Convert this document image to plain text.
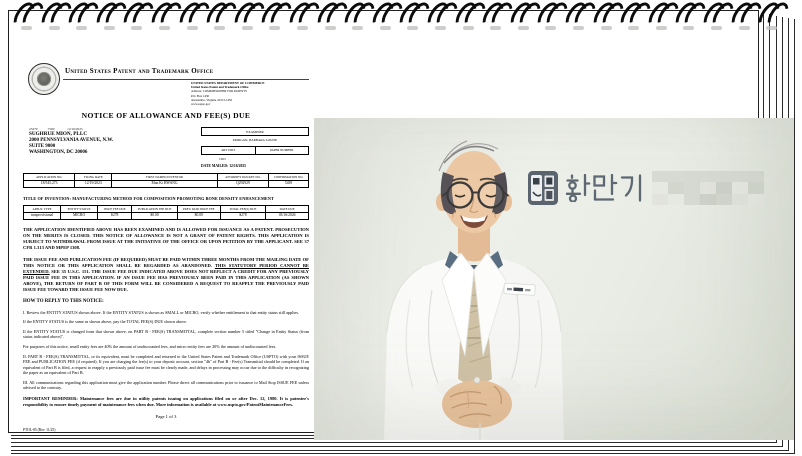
United States Patent and Trademark Office
UNITED STATES DEPARTMENT OF COMMERCE
United States Patent and Trademark Office
Address: COMMISSIONER FOR PATENTS
P.O. Box 1450
Alexandria, Virginia 22313-1450
www.uspto.gov
NOTICE OF ALLOWANCE AND FEE(S) DUE
23479            7590               12/16/2025
SUGHRUE MION, PLLC
2000 PENNSYLVANIA AVENUE, N.W.
SUITE 9000
WASHINGTON, DC 20006
EXAMINER
MORGAN, BARBARA LOUISE
ART UNIT	PAPER NUMBER
1655
DATE MAILED: 12/16/2025
APPLICATION NO.	FILING DATE	FIRST NAMED INVENTOR	ATTORNEY DOCKET NO.	CONFIRMATION NO.
18/545,273	12/19/2023	Man Ki HWANG	Q292929	5439
TITLE OF INVENTION: MANUFACTURING METHOD FOR COMPOSITION PROMOTING BONE DENSITY ENHANCEMENT
APPLN. TYPE	ENTITY STATUS	ISSUE FEE DUE	PUBLICATION FEE DUE	PREV. PAID ISSUE FEE	TOTAL FEE(S) DUE	DATE DUE
nonprovisional	MICRO	$278	$0.00	$0.00	$278	03/16/2026
THE APPLICATION IDENTIFIED ABOVE HAS BEEN EXAMINED AND IS ALLOWED FOR ISSUANCE AS A PATENT. PROSECUTION ON THE MERITS IS CLOSED. THIS NOTICE OF ALLOWANCE IS NOT A GRANT OF PATENT RIGHTS. THIS APPLICATION IS SUBJECT TO WITHDRAWAL FROM ISSUE AT THE INITIATIVE OF THE OFFICE OR UPON PETITION BY THE APPLICANT. SEE 37 CFR 1.313 AND MPEP 1308.
THE ISSUE FEE AND PUBLICATION FEE (IF REQUIRED) MUST BE PAID WITHIN THREE MONTHS FROM THE MAILING DATE OF THIS NOTICE OR THIS APPLICATION SHALL BE REGARDED AS ABANDONED. THIS STATUTORY PERIOD CANNOT BE EXTENDED. SEE 35 U.S.C. 151. THE ISSUE FEE DUE INDICATED ABOVE DOES NOT REFLECT A CREDIT FOR ANY PREVIOUSLY PAID ISSUE FEE IN THIS APPLICATION. IF AN ISSUE FEE HAS PREVIOUSLY BEEN PAID IN THIS APPLICATION (AS SHOWN ABOVE), THE RETURN OF PART B OF THIS FORM WILL BE CONSIDERED A REQUEST TO REAPPLY THE PREVIOUSLY PAID ISSUE FEE TOWARD THE ISSUE FEE NOW DUE.
HOW TO REPLY TO THIS NOTICE:
I. Review the ENTITY STATUS shown above. If the ENTITY STATUS is shown as SMALL or MICRO, verify whether entitlement to that entity status still applies.
If the ENTITY STATUS is the same as shown above, pay the TOTAL FEE(S) DUE shown above.
If the ENTITY STATUS is changed from that shown above, on PART B - FEE(S) TRANSMITTAL, complete section number 5 titled "Change in Entity Status (from status indicated above)".
For purposes of this notice, small entity fees are 40% the amount of undiscounted fees, and micro entity fees are 20% the amount of undiscounted fees.
II. PART B - FEE(S) TRANSMITTAL, or its equivalent, must be completed and returned to the United States Patent and Trademark Office (USPTO) with your ISSUE FEE and PUBLICATION FEE (if required). If you are charging the fee(s) to your deposit account, section "4b" of Part B - Fee(s) Transmittal should be completed. If an equivalent of Part B is filed, a request to reapply a previously paid issue fee must be clearly made, and delays in processing may occur due to the difficulty in recognizing the paper as an equivalent of Part B.
III. All communications regarding this application must give the application number. Please direct all communications prior to issuance to Mail Stop ISSUE FEE unless advised to the contrary.
IMPORTANT REMINDER: Maintenance fees are due in utility patents issuing on applications filed on or after Dec. 12, 1980. It is patentee's responsibility to ensure timely payment of maintenance fees when due. More information is available at www.uspto.gov/PatentMaintenanceFees.
Page 1 of 3
PTOL-85 (Rev. 11/25)
